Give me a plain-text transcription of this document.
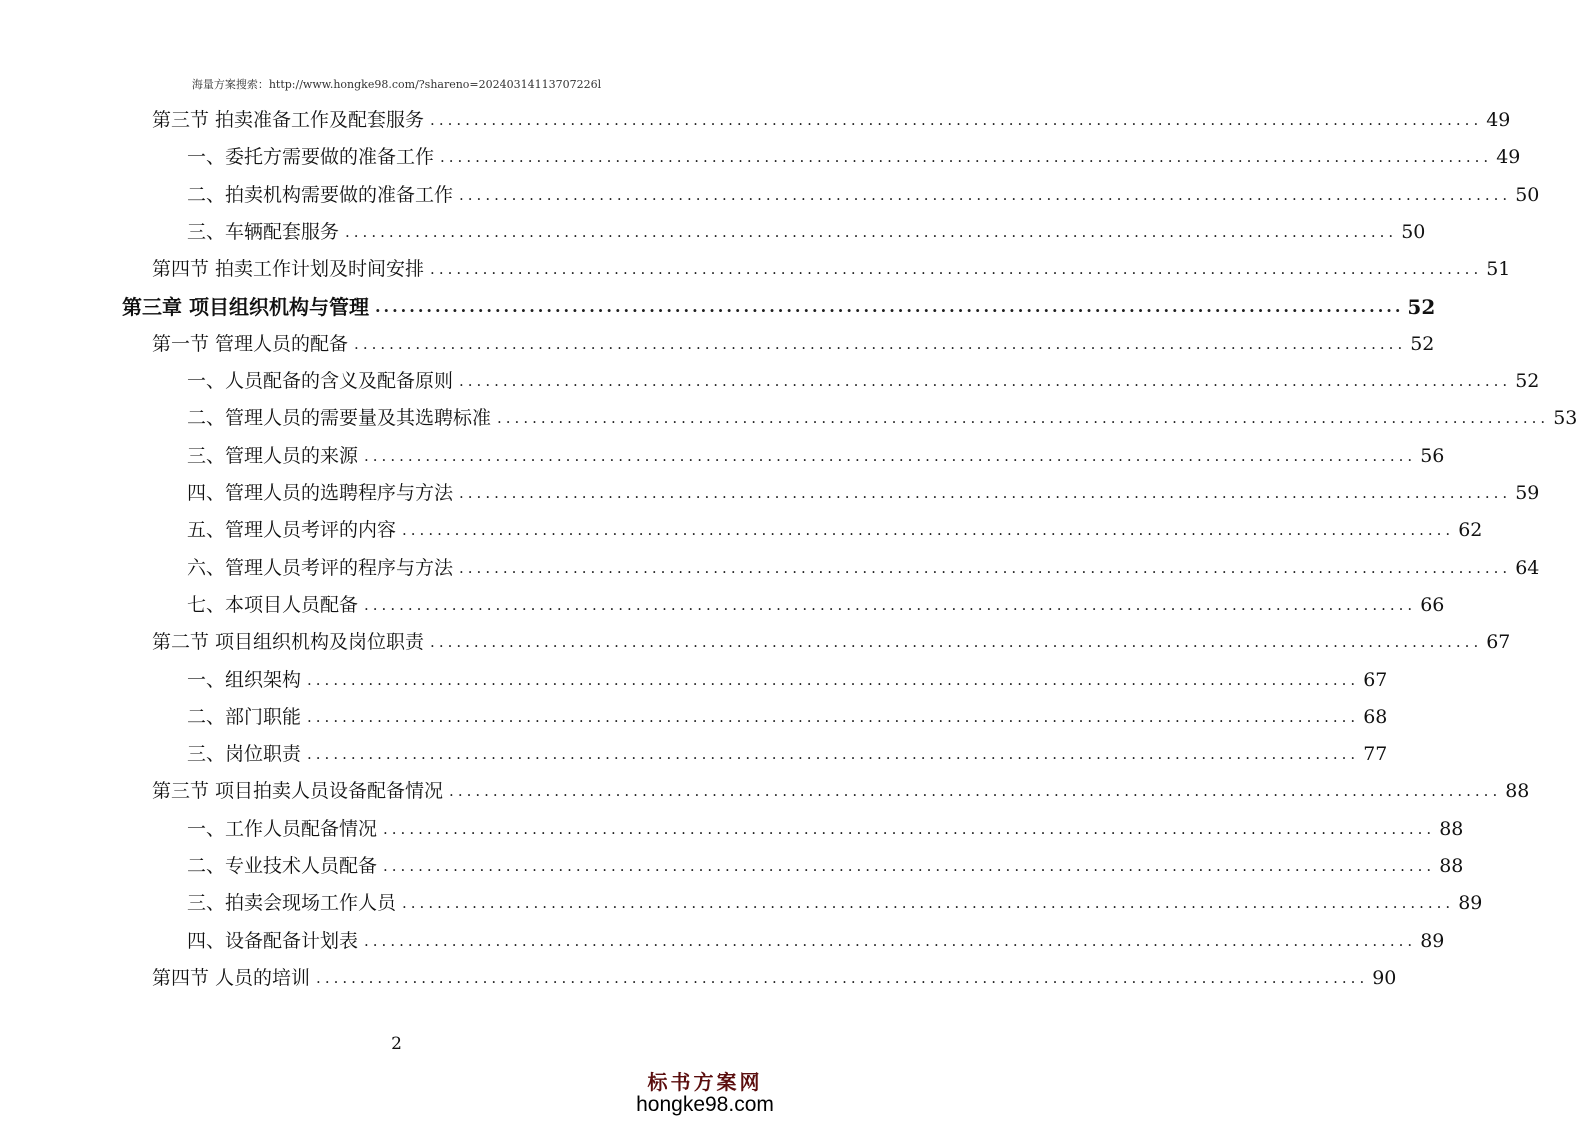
海量方案搜索：http://www.hongke98.com/?shareno=20240314113707226l
第三节 拍卖准备工作及配套服务 ........................................................................................................................ 49
一、委托方需要做的准备工作 ........................................................................................................................ 49
二、拍卖机构需要做的准备工作 ........................................................................................................................ 50
三、车辆配套服务 ........................................................................................................................ 50
第四节 拍卖工作计划及时间安排 ........................................................................................................................ 51
第三章 项目组织机构与管理 ........................................................................................................................ 52
第一节 管理人员的配备 ........................................................................................................................ 52
一、人员配备的含义及配备原则 ........................................................................................................................ 52
二、管理人员的需要量及其选聘标准 ........................................................................................................................ 53
三、管理人员的来源 ........................................................................................................................ 56
四、管理人员的选聘程序与方法 ........................................................................................................................ 59
五、管理人员考评的内容 ........................................................................................................................ 62
六、管理人员考评的程序与方法 ........................................................................................................................ 64
七、本项目人员配备 ........................................................................................................................ 66
第二节 项目组织机构及岗位职责 ........................................................................................................................ 67
一、组织架构 ........................................................................................................................ 67
二、部门职能 ........................................................................................................................ 68
三、岗位职责 ........................................................................................................................ 77
第三节 项目拍卖人员设备配备情况 ........................................................................................................................ 88
一、工作人员配备情况 ........................................................................................................................ 88
二、专业技术人员配备 ........................................................................................................................ 88
三、拍卖会现场工作人员 ........................................................................................................................ 89
四、设备配备计划表 ........................................................................................................................ 89
第四节 人员的培训 ........................................................................................................................ 90
2
标书方案网
hongke98.com
